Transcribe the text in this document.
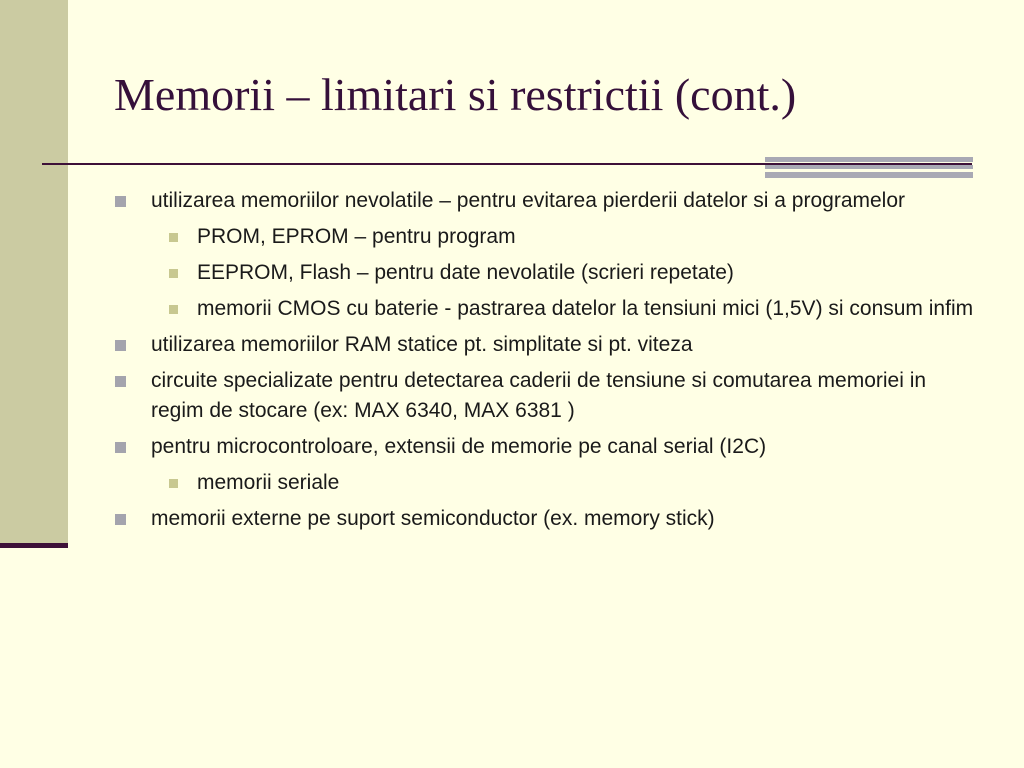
Memorii – limitari si restrictii (cont.)
utilizarea memoriilor nevolatile – pentru evitarea pierderii datelor si a programelor
PROM, EPROM – pentru program
EEPROM, Flash – pentru date nevolatile (scrieri repetate)
memorii CMOS cu baterie - pastrarea datelor la tensiuni mici (1,5V) si consum infim
utilizarea memoriilor RAM statice pt. simplitate si pt. viteza
circuite specializate pentru detectarea caderii de tensiune si comutarea memoriei in regim de stocare (ex: MAX 6340, MAX 6381 )
pentru microcontroloare, extensii de memorie pe canal serial (I2C)
memorii seriale
memorii externe pe suport semiconductor (ex. memory stick)
